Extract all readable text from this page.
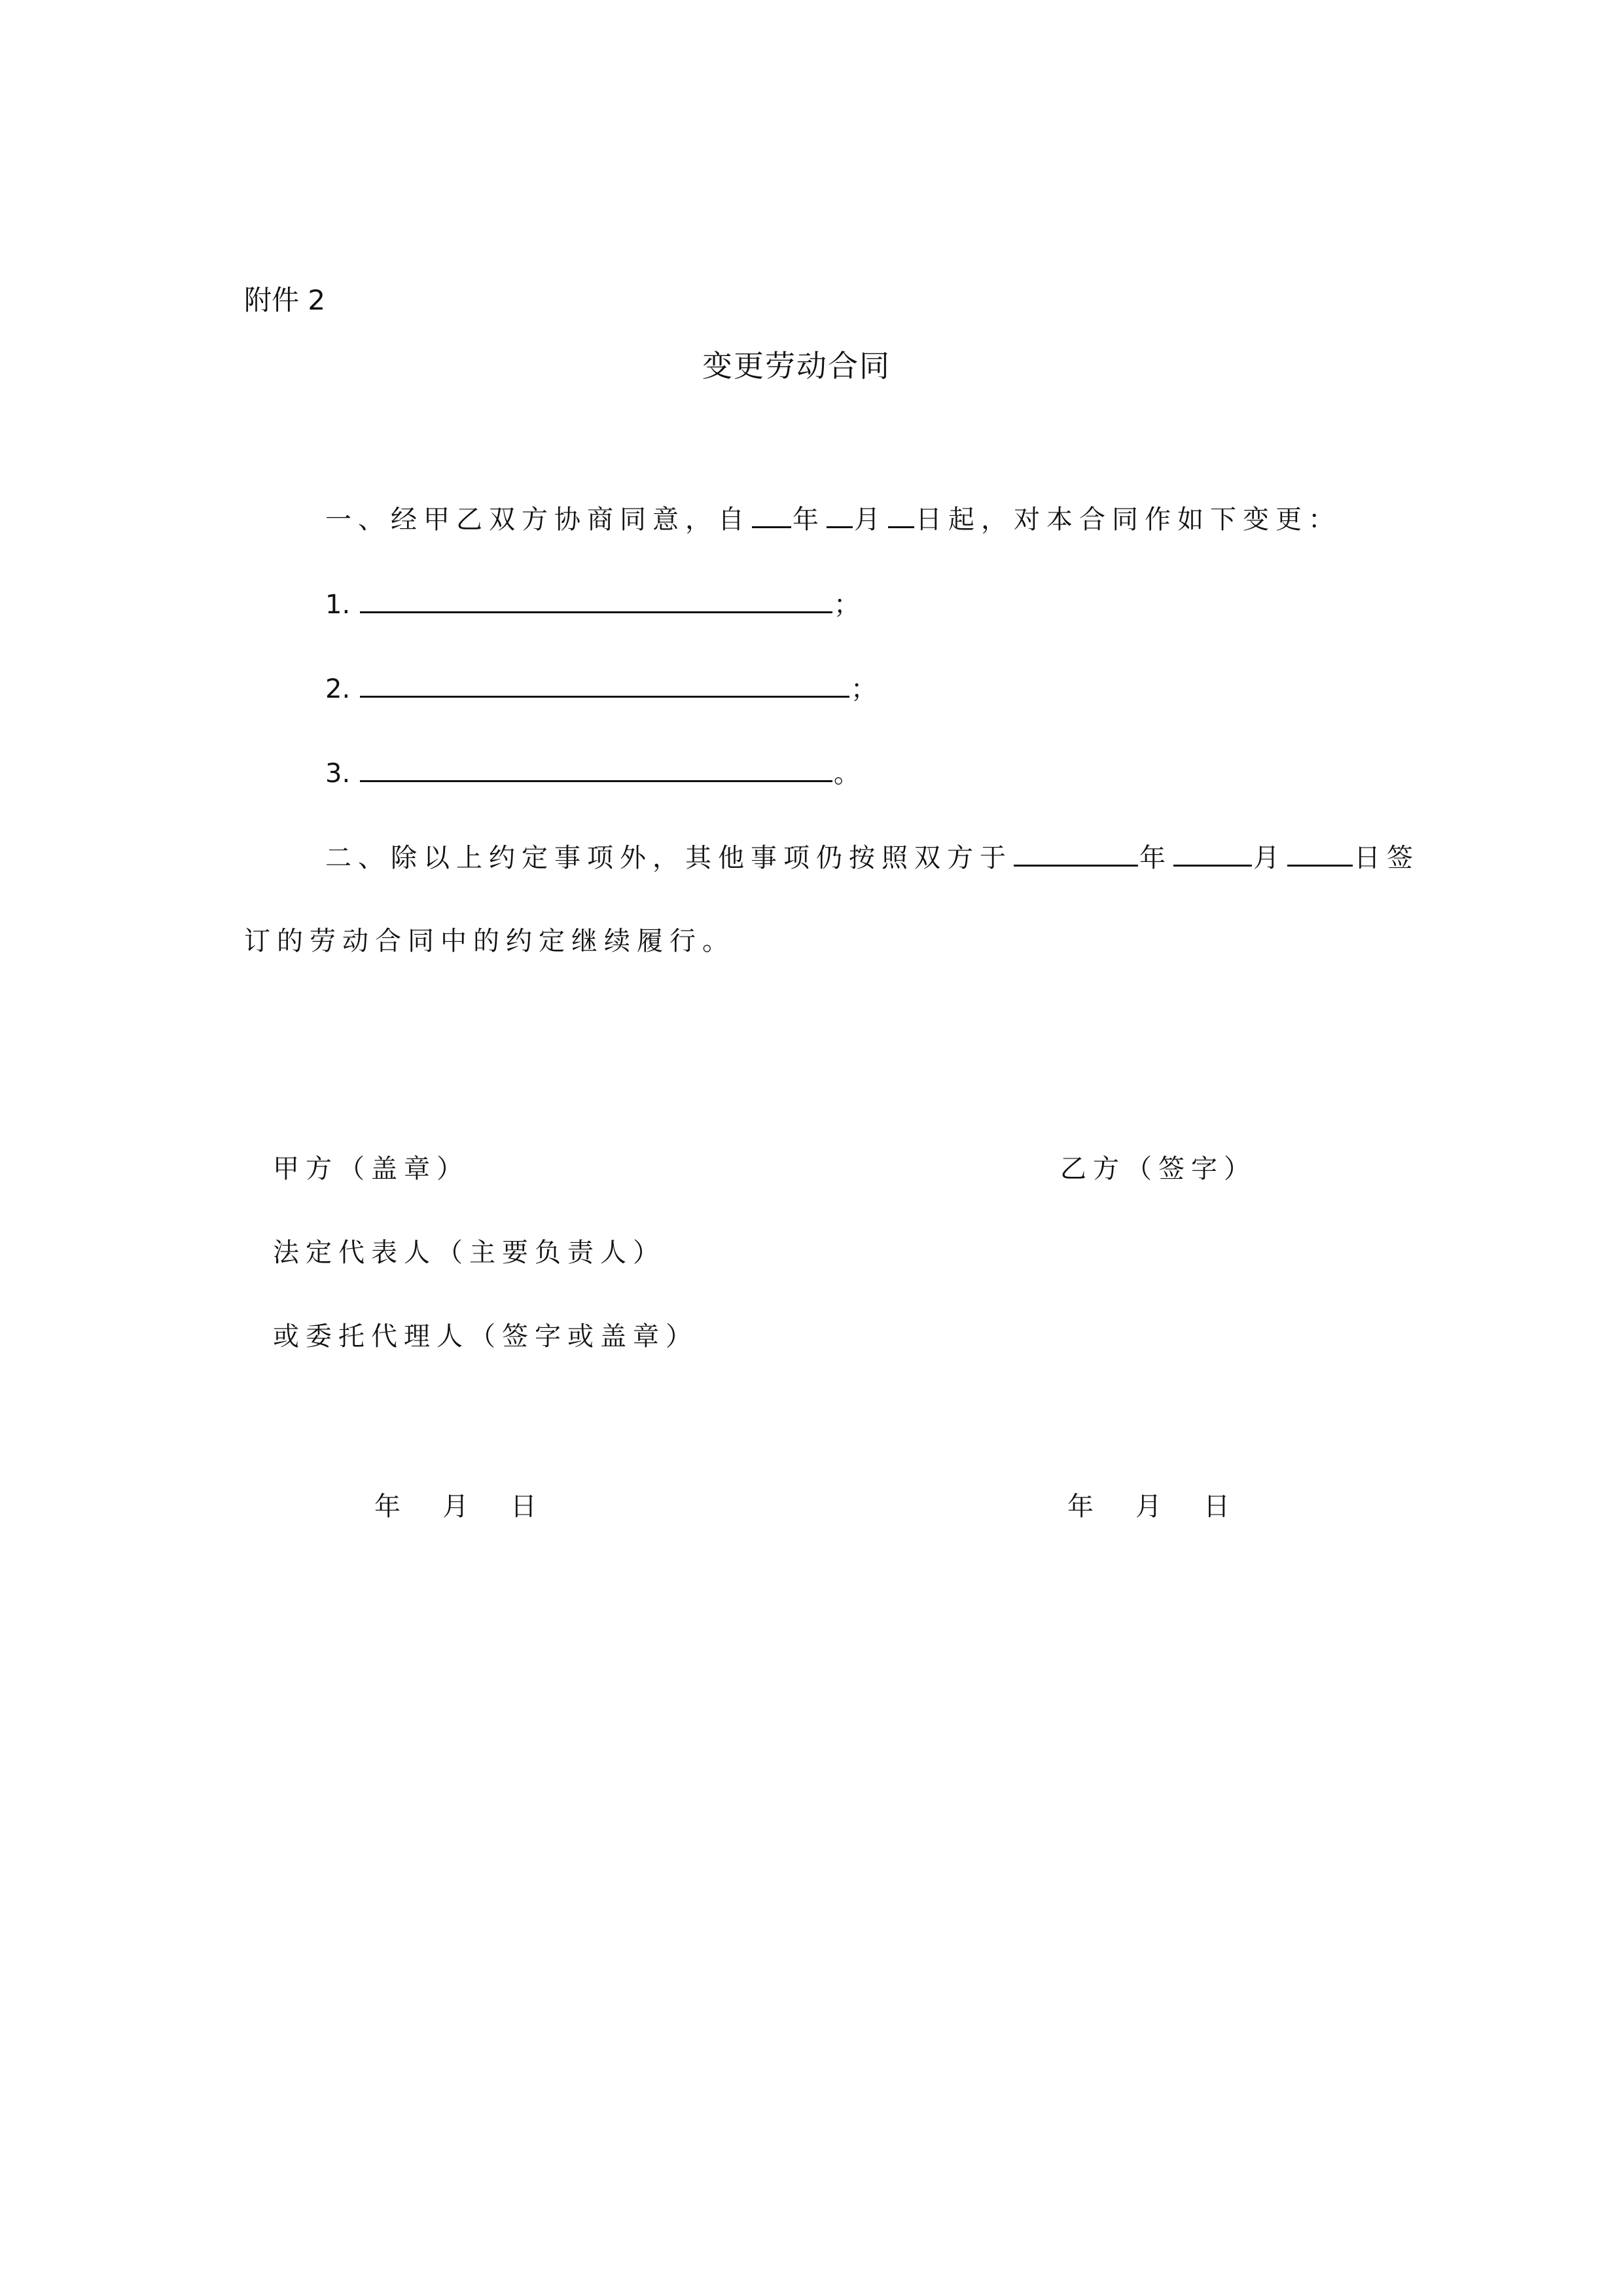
附件 2
变更劳动合同
一、经甲乙双方协商同意，自 年 月 日起，对本合同作如下变更：
1.	；
2.	；
3.	。
二、除以上约定事项外，其他事项仍按照双方于	年	月	日签
订的劳动合同中的约定继续履行。
甲方（盖章）	乙方（签字）
法定代表人（主要负责人）
或委托代理人（签字或盖章）
年 月 日	年 月 日
